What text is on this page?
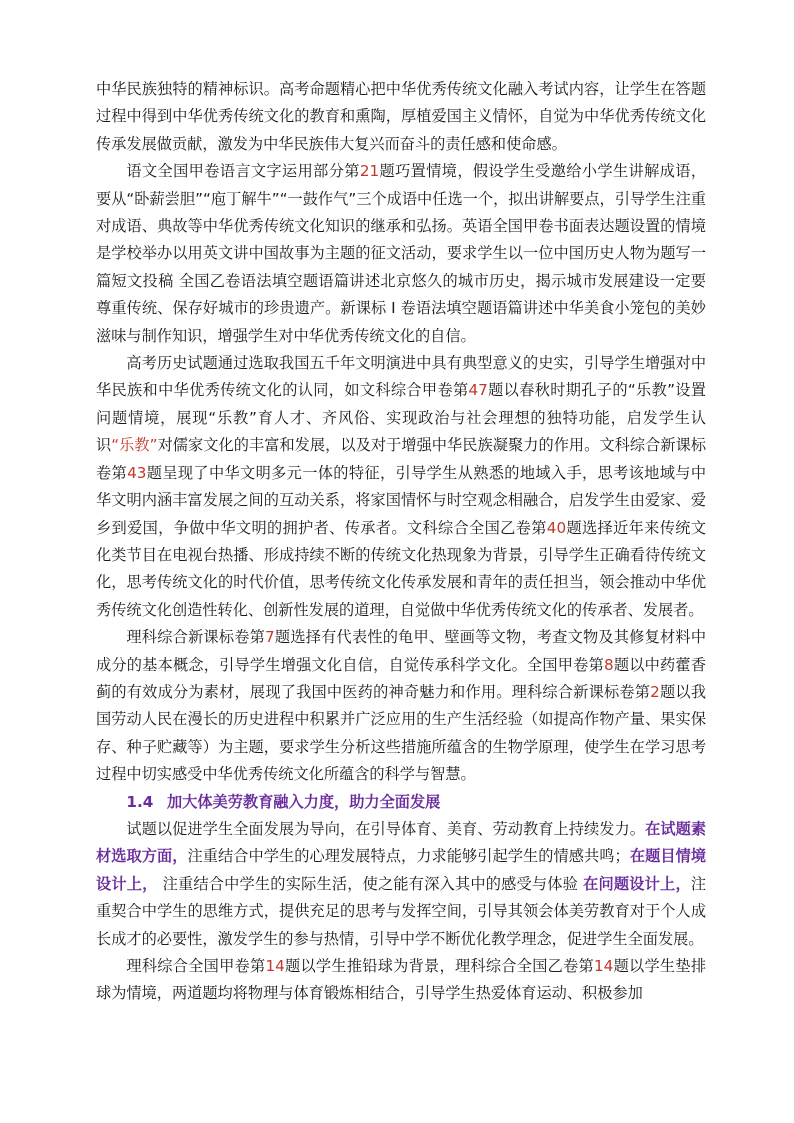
中华民族独特的精神标识。高考命题精心把中华优秀传统文化融入考试内容，让学生在答题过程中得到中华优秀传统文化的教育和熏陶，厚植爱国主义情怀，自觉为中华优秀传统文化传承发展做贡献，激发为中华民族伟大复兴而奋斗的责任感和使命感。

语文全国甲卷语言文字运用部分第21题巧置情境，假设学生受邀给小学生讲解成语，要从“卧薪尝胆”“庖丁解牛”“一鼓作气”三个成语中任选一个，拟出讲解要点，引导学生注重对成语、典故等中华优秀传统文化知识的继承和弘扬。英语全国甲卷书面表达题设置的情境是学校举办以用英文讲中国故事为主题的征文活动，要求学生以一位中国历史人物为题写一篇短文投稿 全国乙卷语法填空题语篇讲述北京悠久的城市历史，揭示城市发展建设一定要尊重传统、保存好城市的珍贵遗产。新课标 I 卷语法填空题语篇讲述中华美食小笼包的美妙滋味与制作知识，增强学生对中华优秀传统文化的自信。

高考历史试题通过选取我国五千年文明演进中具有典型意义的史实，引导学生增强对中华民族和中华优秀传统文化的认同，如文科综合甲卷第47题以春秋时期孔子的“乐教”设置问题情境，展现“乐教”育人才、齐风俗、实现政治与社会理想的独特功能，启发学生认识“乐教”对儒家文化的丰富和发展，以及对于增强中华民族凝聚力的作用。文科综合新课标卷第43题呈现了中华文明多元一体的特征，引导学生从熟悉的地域入手，思考该地域与中华文明内涵丰富发展之间的互动关系，将家国情怀与时空观念相融合，启发学生由爱家、爱乡到爱国，争做中华文明的拥护者、传承者。文科综合全国乙卷第40题选择近年来传统文化类节目在电视台热播、形成持续不断的传统文化热现象为背景，引导学生正确看待传统文化，思考传统文化的时代价值，思考传统文化传承发展和青年的责任担当，领会推动中华优秀传统文化创造性转化、创新性发展的道理，自觉做中华优秀传统文化的传承者、发展者。

理科综合新课标卷第7题选择有代表性的龟甲、壁画等文物，考查文物及其修复材料中成分的基本概念，引导学生增强文化自信，自觉传承科学文化。全国甲卷第8题以中药藿香蓟的有效成分为素材，展现了我国中医药的神奇魅力和作用。理科综合新课标卷第2题以我国劳动人民在漫长的历史进程中积累并广泛应用的生产生活经验（如提高作物产量、果实保存、种子贮藏等）为主题，要求学生分析这些措施所蕴含的生物学原理，使学生在学习思考过程中切实感受中华优秀传统文化所蕴含的科学与智慧。

1.4 加大体美劳教育融入力度，助力全面发展

试题以促进学生全面发展为导向，在引导体育、美育、劳动教育上持续发力。在试题素材选取方面，注重结合中学生的心理发展特点，力求能够引起学生的情感共鸣；在题目情境设计上， 注重结合中学生的实际生活，使之能有深入其中的感受与体验 在问题设计上，注重契合中学生的思维方式，提供充足的思考与发挥空间，引导其领会体美劳教育对于个人成长成才的必要性，激发学生的参与热情，引导中学不断优化教学理念，促进学生全面发展。

理科综合全国甲卷第14题以学生推铅球为背景，理科综合全国乙卷第14题以学生垫排球为情境，两道题均将物理与体育锻炼相结合，引导学生热爱体育运动、积极参加
